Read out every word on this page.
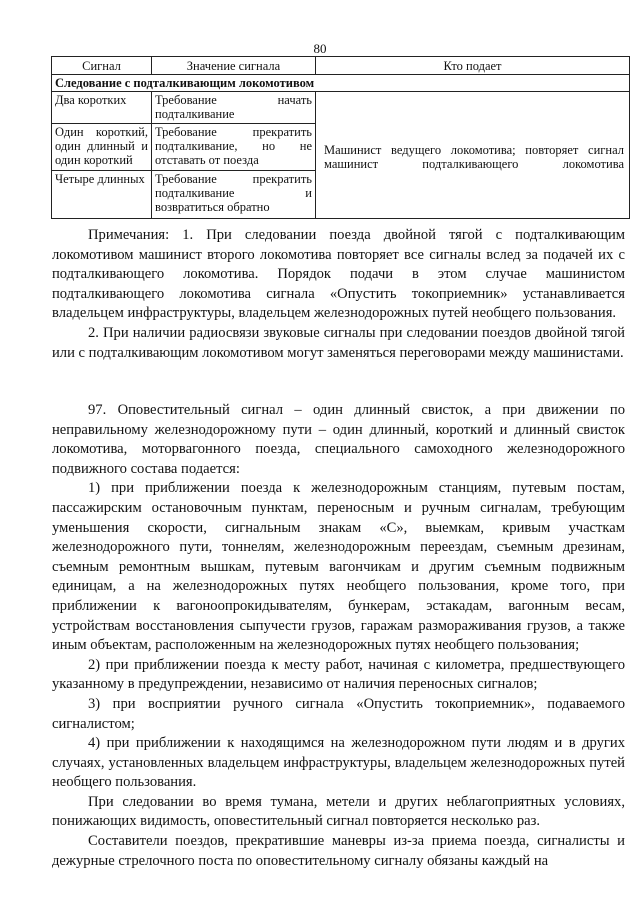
80
Сигнал	Значение сигнала	Кто подает
Следование с подталкивающим локомотивом		
Два коротких	Требование начать подталкивание	Машинист ведущего локомотива; повторяет сигнал машинист подталкивающего локомотива
Один короткий, один длинный и один короткий	Требование прекратить подталкивание, но не отставать от поезда	
Четыре длинных	Требование прекратить подталкивание и возвратиться обратно	

Примечания: 1. При следовании поезда двойной тягой с подталкивающим локомотивом машинист второго локомотива повторяет все сигналы вслед за подачей их с подталкивающего локомотива. Порядок подачи в этом случае машинистом подталкивающего локомотива сигнала «Опустить токоприемник» устанавливается владельцем инфраструктуры, владельцем железнодорожных путей необщего пользования.

2. При наличии радиосвязи звуковые сигналы при следовании поездов двойной тягой или с подталкивающим локомотивом могут заменяться переговорами между машинистами.

97. Оповестительный сигнал – один длинный свисток, а при движении по неправильному железнодорожному пути – один длинный, короткий и длинный свисток локомотива, моторвагонного поезда, специального самоходного железнодорожного подвижного состава подается:

1) при приближении поезда к железнодорожным станциям, путевым постам, пассажирским остановочным пунктам, переносным и ручным сигналам, требующим уменьшения скорости, сигнальным знакам «С», выемкам, кривым участкам железнодорожного пути, тоннелям, железнодорожным переездам, съемным дрезинам, съемным ремонтным вышкам, путевым вагончикам и другим съемным подвижным единицам, а на железнодорожных путях необщего пользования, кроме того, при приближении к вагоноопрокидывателям, бункерам, эстакадам, вагонным весам, устройствам восстановления сыпучести грузов, гаражам размораживания грузов, а также иным объектам, расположенным на железнодорожных путях необщего пользования;

2) при приближении поезда к месту работ, начиная с километра, предшествующего указанному в предупреждении, независимо от наличия переносных сигналов;

3) при восприятии ручного сигнала «Опустить токоприемник», подаваемого сигналистом;

4) при приближении к находящимся на железнодорожном пути людям и в других случаях, установленных владельцем инфраструктуры, владельцем железнодорожных путей необщего пользования.

При следовании во время тумана, метели и других неблагоприятных условиях, понижающих видимость, оповестительный сигнал повторяется несколько раз.

Составители поездов, прекратившие маневры из-за приема поезда, сигналисты и дежурные стрелочного поста по оповестительному сигналу обязаны каждый на
